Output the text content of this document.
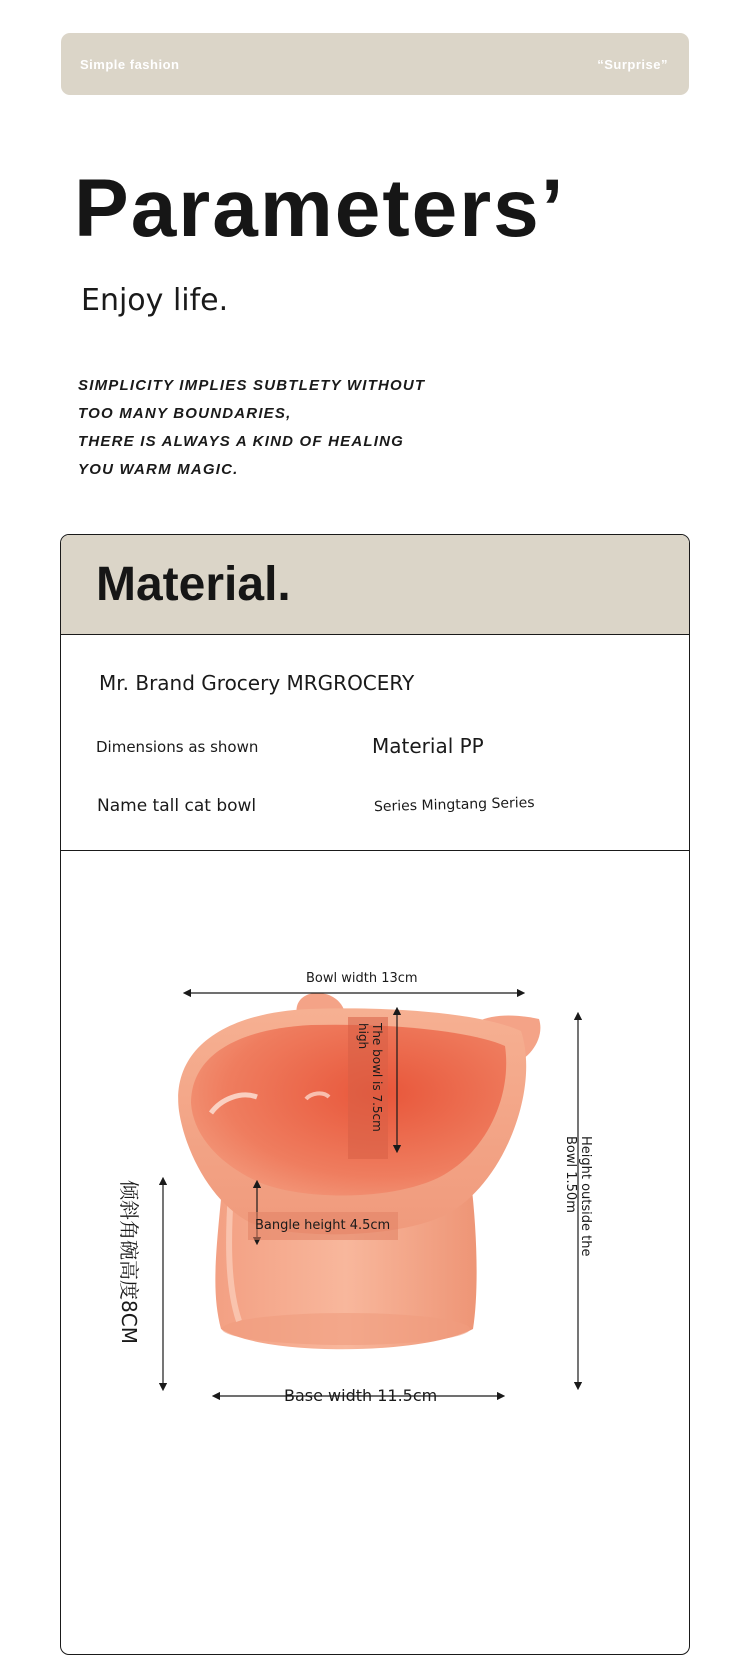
Simple fashion	“Surprise”
Parameters’
Enjoy life.
SIMPLICITY IMPLIES SUBTLETY WITHOUT
TOO MANY BOUNDARIES,
THERE IS ALWAYS A KIND OF HEALING
YOU WARM MAGIC.
Material.
Mr. Brand Grocery MRGROCERY
Dimensions as shown	Material PP
Name tall cat bowl	Series Mingtang Series
Bowl width 13cm
The bowl is 7.5cm high
Bangle height 4.5cm	Height outside the Bowl 1.50m
倾斜角碗高度8CM
Base width 11.5cm
